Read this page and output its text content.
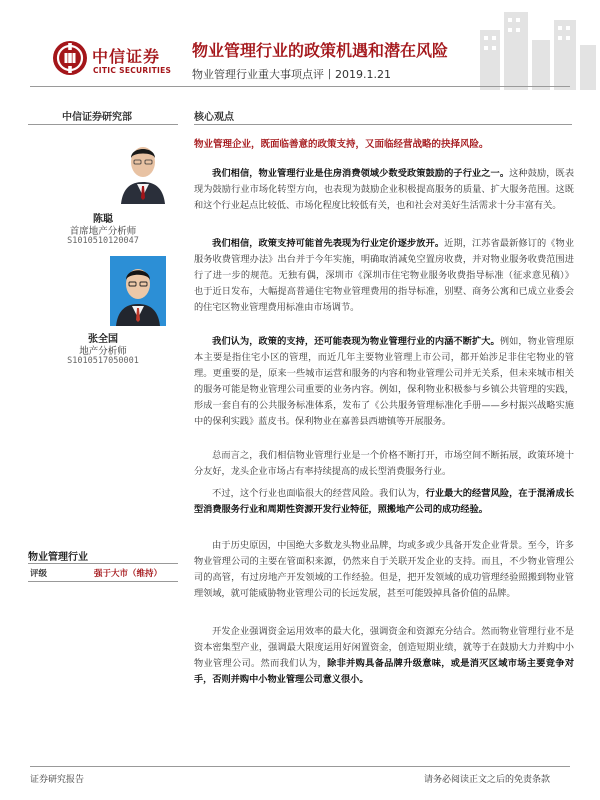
中信证券
CITIC SECURITIES
物业管理行业的政策机遇和潜在风险
物业管理行业重大事项点评丨2019.1.21
中信证券研究部	核心观点
陈聪
首席地产分析师
S1010510120047
张全国
地产分析师
S1010517050001
物业管理行业
评级	强于大市（维持）
物业管理企业，既面临善意的政策支持，又面临经营战略的抉择风险。
我们相信，物业管理行业是住房消费领域少数受政策鼓励的子行业之一。这种鼓励，既表现为鼓励行业市场化转型方向，也表现为鼓励企业积极提高服务的质量、扩大服务范围。这既和这个行业起点比较低、市场化程度比较低有关，也和社会对美好生活需求十分丰富有关。
我们相信，政策支持可能首先表现为行业定价逐步放开。近期，江苏省最新修订的《物业服务收费管理办法》出台并于今年实施，明确取消减免空置房收费，并对物业服务收费范围进行了进一步的规范。无独有偶，深圳市《深圳市住宅物业服务收费指导标准（征求意见稿）》也于近日发布，大幅提高普通住宅物业管理费用的指导标准，别墅、商务公寓和已成立业委会的住宅区物业管理费用标准由市场调节。
我们认为，政策的支持，还可能表现为物业管理行业的内涵不断扩大。例如，物业管理原本主要是指住宅小区的管理，而近几年主要物业管理上市公司，都开始涉足非住宅物业的管理。更重要的是，原来一些城市运营和服务的内容和物业管理公司并无关系，但未来城市相关的服务可能是物业管理公司重要的业务内容。例如，保利物业积极参与乡镇公共管理的实践，形成一套自有的公共服务标准体系，发布了《公共服务管理标准化手册——乡村振兴战略实施中的保利实践》蓝皮书。保利物业在嘉善县西塘镇等开展服务。
总而言之，我们相信物业管理行业是一个价格不断打开，市场空间不断拓展，政策环境十分友好，龙头企业市场占有率持续提高的成长型消费服务行业。
不过，这个行业也面临很大的经营风险。我们认为，行业最大的经营风险，在于混淆成长型消费服务行业和周期性资源开发行业特征，照搬地产公司的成功经验。
由于历史原因，中国绝大多数龙头物业品牌，均或多或少具备开发企业背景。至今，许多物业管理公司的主要在管面积来源，仍然来自于关联开发企业的支持。而且，不少物业管理公司的高管，有过房地产开发领域的工作经验。但是，把开发领域的成功管理经验照搬到物业管理领域，就可能威胁物业管理公司的长远发展，甚至可能毁掉具备价值的品牌。
开发企业强调资金运用效率的最大化，强调资金和资源充分结合。然而物业管理行业不是资本密集型产业，强调最大限度运用好闲置资金，创造短期业绩，就等于在鼓励大力并购中小物业管理公司。然而我们认为，除非并购具备品牌升级意味，或是消灭区域市场主要竞争对手，否则并购中小物业管理公司意义很小。
证券研究报告	请务必阅读正文之后的免责条款
